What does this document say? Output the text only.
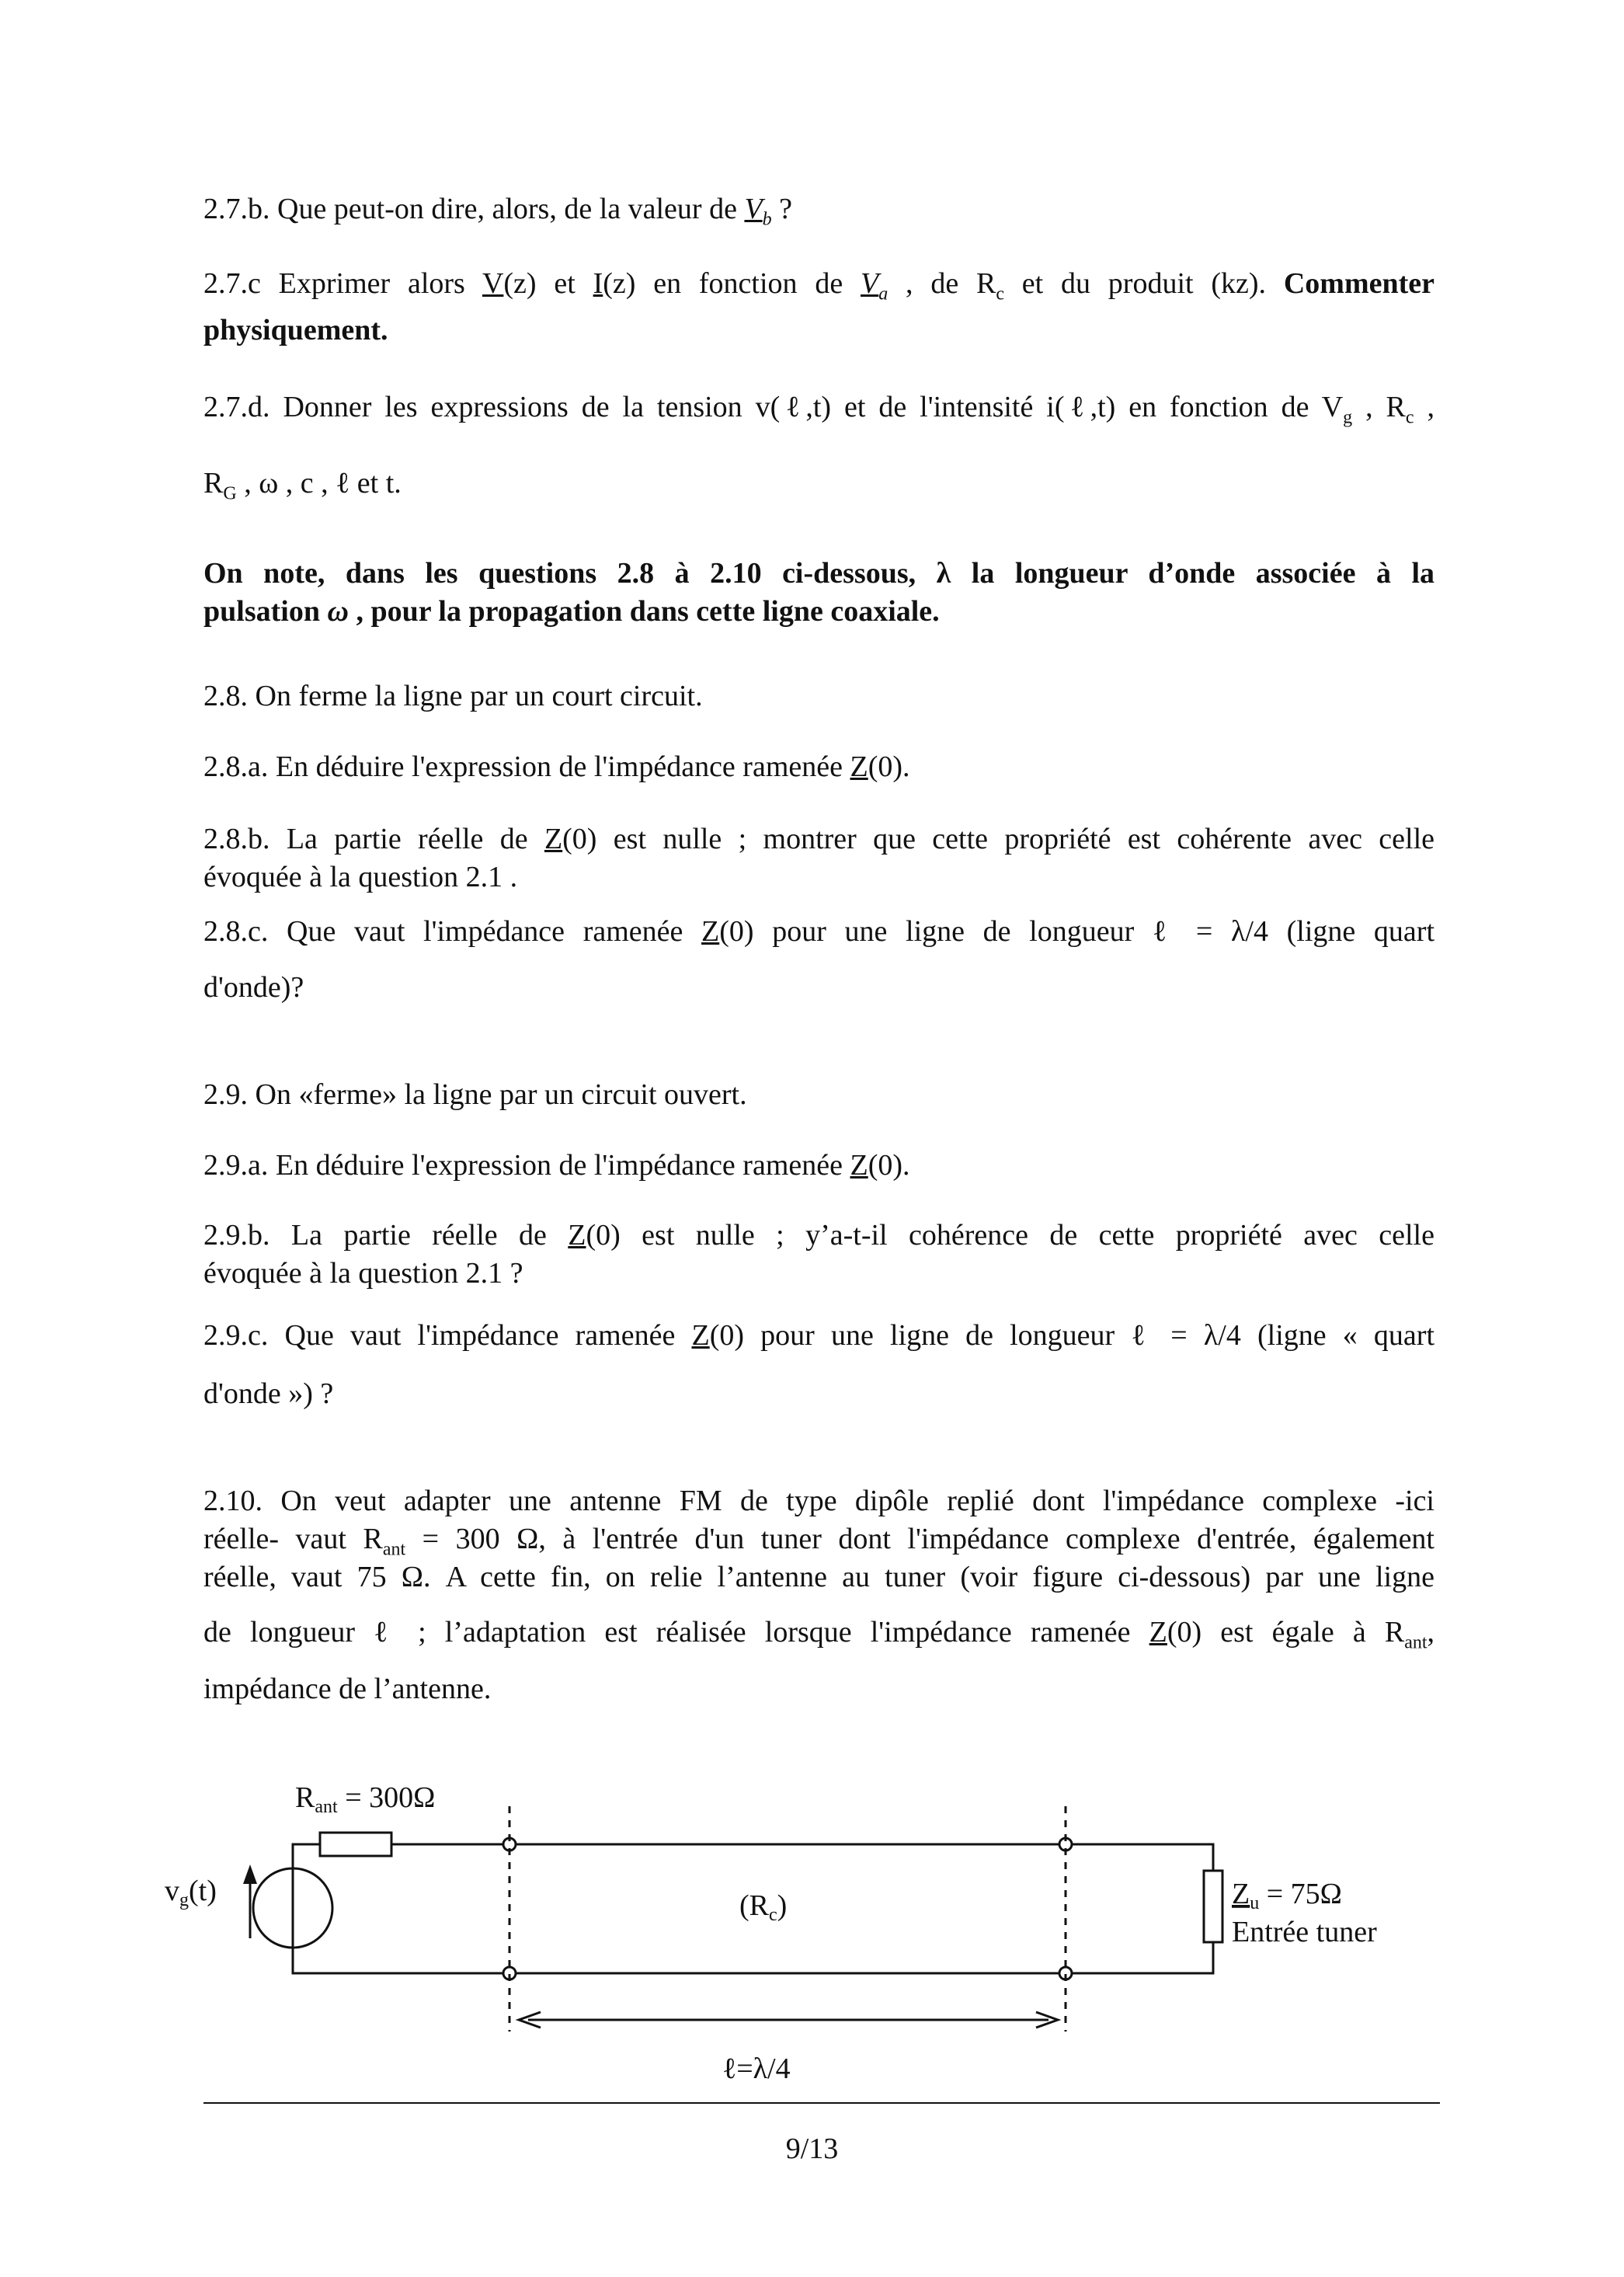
2.7.b. Que peut-on dire, alors, de la valeur de $V_b$ ?

2.7.c Exprimer alors V(z) et I(z) en fonction de $V_a$ , de $R_c$ et du produit (kz). Commenter

physiquement.

2.7.d. Donner les expressions de la tension v(ℓ,t) et de l'intensité i(ℓ,t) en fonction de $V_g$ , $R_c$ ,

$R_G$ , ω , c , ℓ et t.

On note, dans les questions 2.8 à 2.10 ci-dessous, λ la longueur d’onde associée à la

pulsation ω , pour la propagation dans cette ligne coaxiale.

2.8. On ferme la ligne par un court circuit.

2.8.a. En déduire l'expression de l'impédance ramenée Z(0).

2.8.b. La partie réelle de Z(0) est nulle ; montrer que cette propriété est cohérente avec celle

évoquée à la question 2.1 .

2.8.c. Que vaut l'impédance ramenée Z(0) pour une ligne de longueur ℓ = λ/4 (ligne quart

d'onde)?

2.9. On «ferme» la ligne par un circuit ouvert.

2.9.a. En déduire l'expression de l'impédance ramenée Z(0).

2.9.b. La partie réelle de Z(0) est nulle ; y’a-t-il cohérence de cette propriété avec celle

évoquée à la question 2.1 ?

2.9.c. Que vaut l'impédance ramenée Z(0) pour une ligne de longueur ℓ = λ/4 (ligne « quart

d'onde ») ?

2.10. On veut adapter une antenne FM de type dipôle replié dont l'impédance complexe -ici

réelle- vaut $R_{ant} = 300$ Ω, à l'entrée d'un tuner dont l'impédance complexe d'entrée, également

réelle, vaut 75 Ω. A cette fin, on relie l’antenne au tuner (voir figure ci-dessous) par une ligne

de longueur ℓ ; l’adaptation est réalisée lorsque l'impédance ramenée Z(0) est égale à $R_{ant}$,

impédance de l’antenne.

Rant = 300Ω
vg(t)	(Rc)	Zu = 75Ω
Entrée tuner
ℓ=λ/4
9/13
